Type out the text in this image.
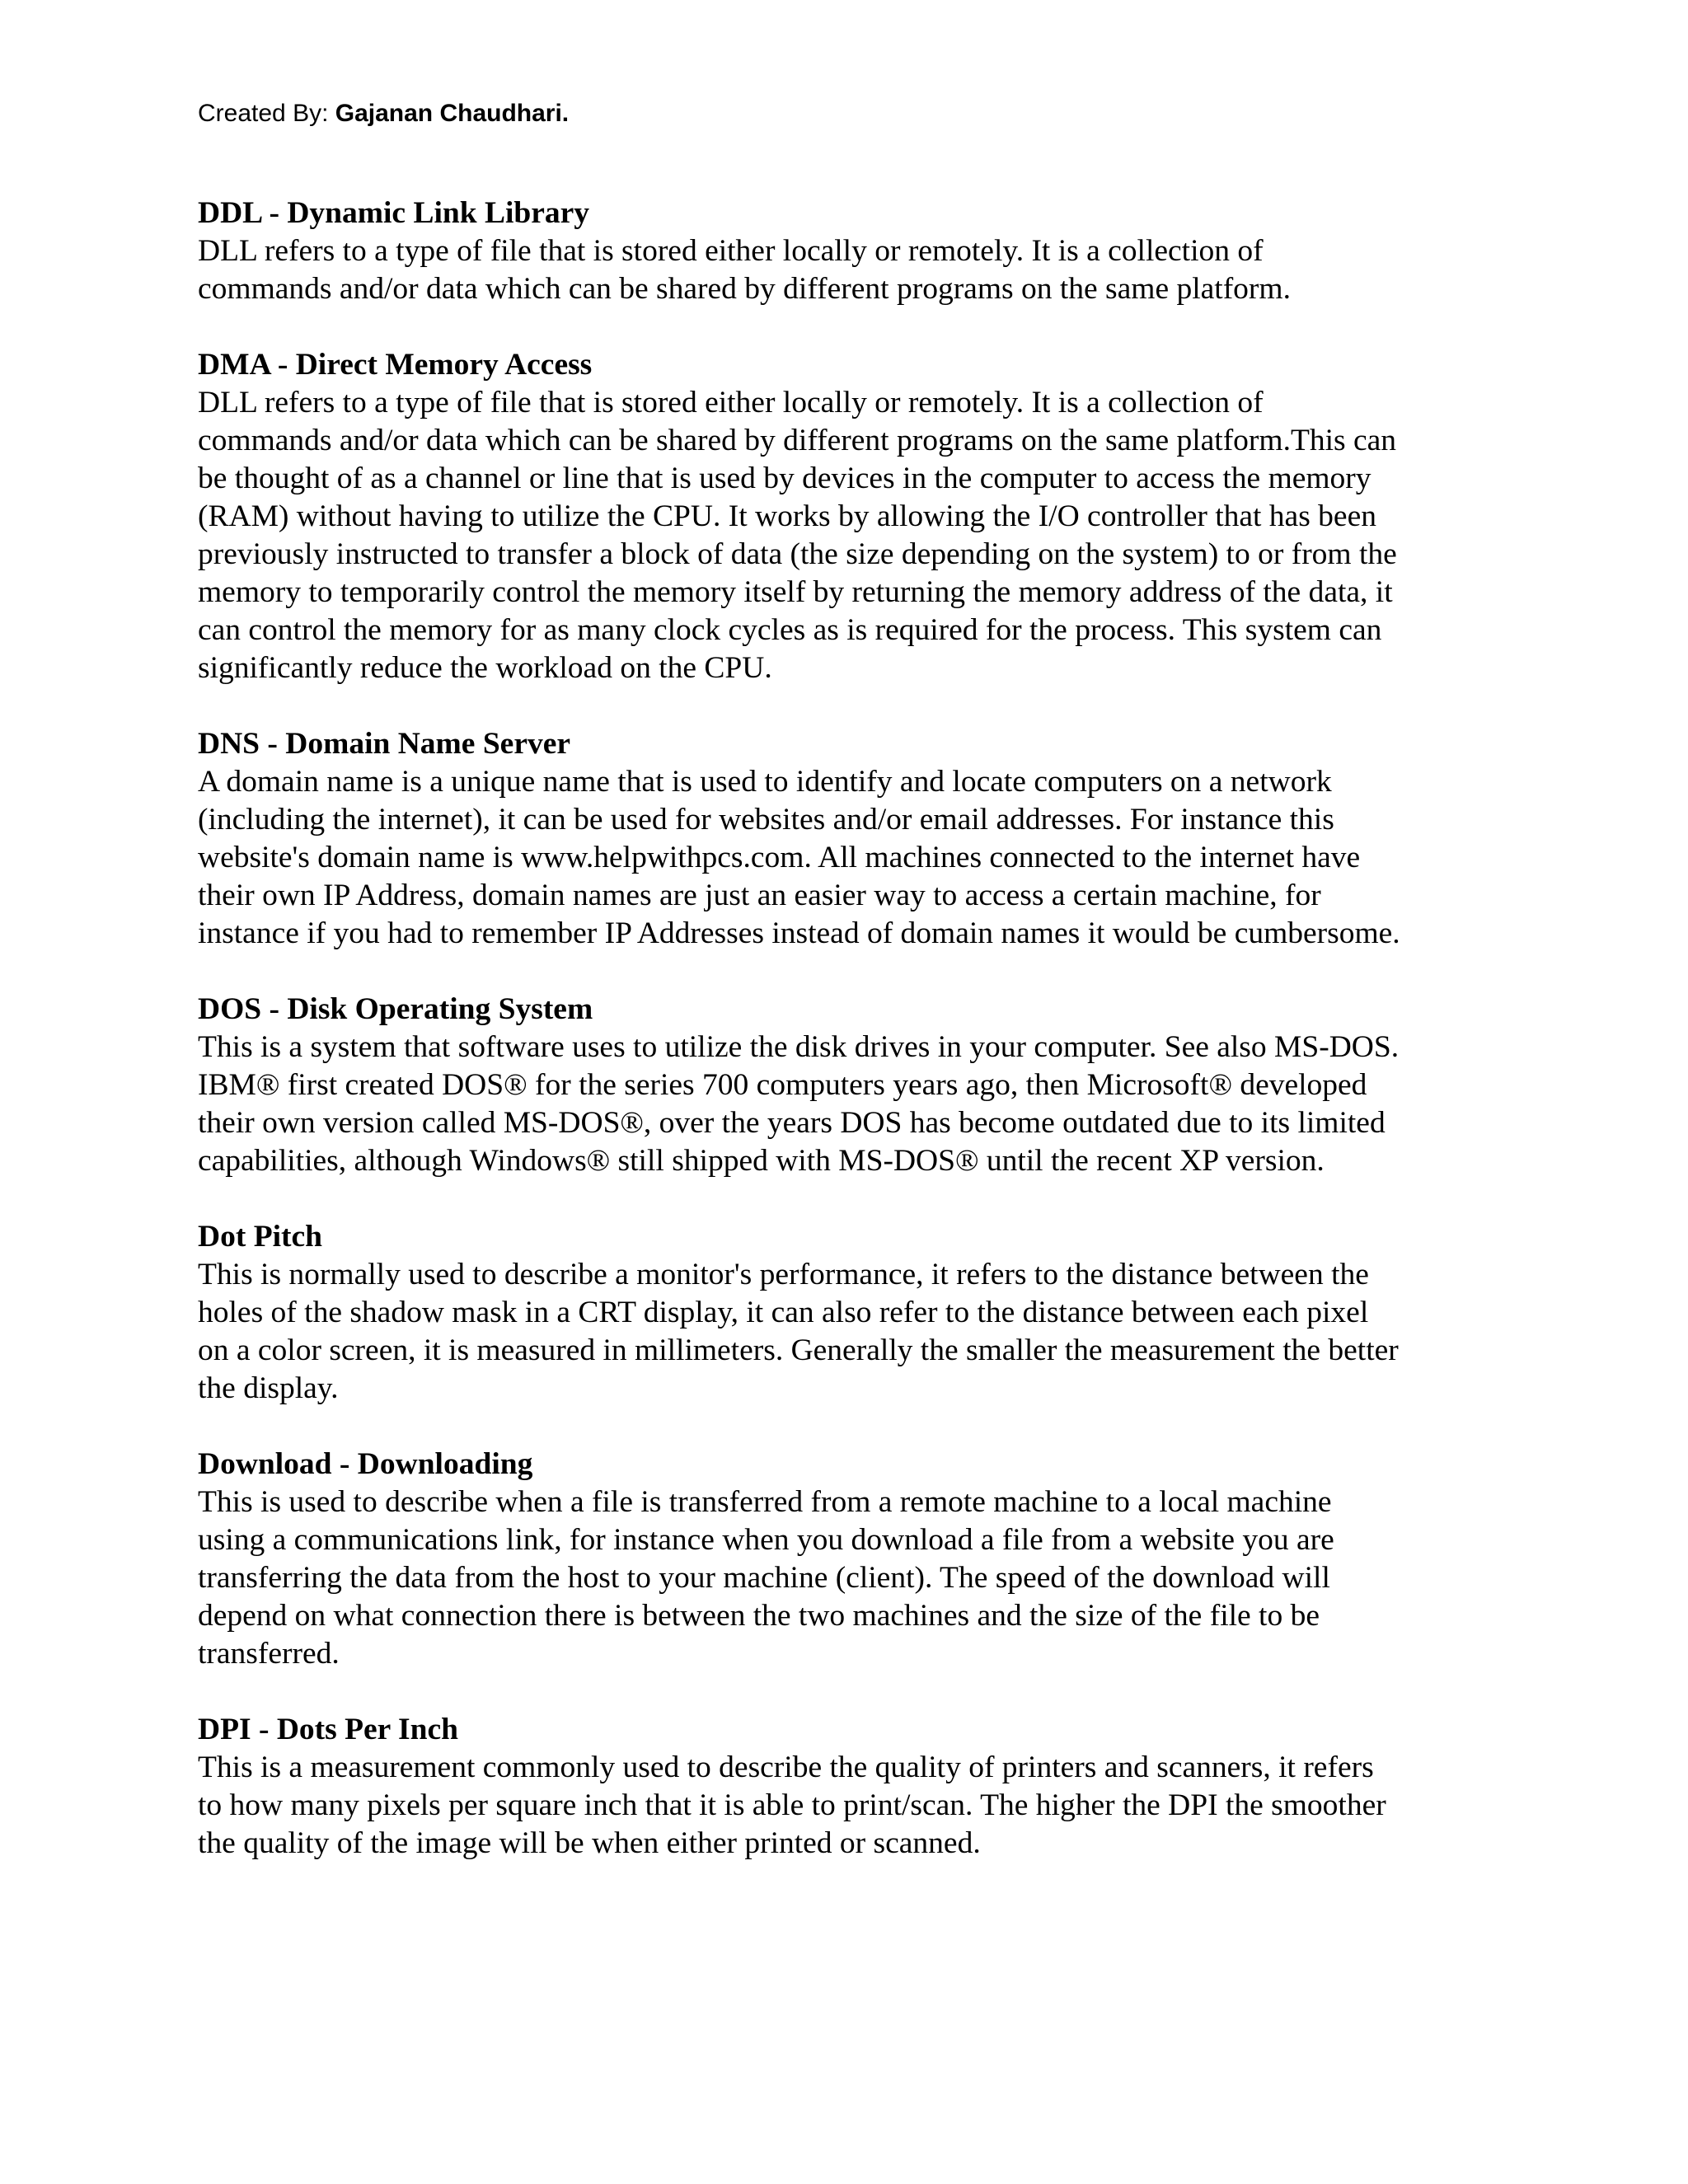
Created By: Gajanan Chaudhari.
DDL - Dynamic Link Library
DLL refers to a type of file that is stored either locally or remotely. It is a collection of
commands and/or data which can be shared by different programs on the same platform.
DMA - Direct Memory Access
DLL refers to a type of file that is stored either locally or remotely. It is a collection of
commands and/or data which can be shared by different programs on the same platform.This can
be thought of as a channel or line that is used by devices in the computer to access the memory
(RAM) without having to utilize the CPU. It works by allowing the I/O controller that has been
previously instructed to transfer a block of data (the size depending on the system) to or from the
memory to temporarily control the memory itself by returning the memory address of the data, it
can control the memory for as many clock cycles as is required for the process. This system can
significantly reduce the workload on the CPU.
DNS - Domain Name Server
A domain name is a unique name that is used to identify and locate computers on a network
(including the internet), it can be used for websites and/or email addresses. For instance this
website's domain name is www.helpwithpcs.com. All machines connected to the internet have
their own IP Address, domain names are just an easier way to access a certain machine, for
instance if you had to remember IP Addresses instead of domain names it would be cumbersome.
DOS - Disk Operating System
This is a system that software uses to utilize the disk drives in your computer. See also MS-DOS.
IBM® first created DOS® for the series 700 computers years ago, then Microsoft® developed
their own version called MS-DOS®, over the years DOS has become outdated due to its limited
capabilities, although Windows® still shipped with MS-DOS® until the recent XP version.
Dot Pitch
This is normally used to describe a monitor's performance, it refers to the distance between the
holes of the shadow mask in a CRT display, it can also refer to the distance between each pixel
on a color screen, it is measured in millimeters. Generally the smaller the measurement the better
the display.
Download - Downloading
This is used to describe when a file is transferred from a remote machine to a local machine
using a communications link, for instance when you download a file from a website you are
transferring the data from the host to your machine (client). The speed of the download will
depend on what connection there is between the two machines and the size of the file to be
transferred.
DPI - Dots Per Inch
This is a measurement commonly used to describe the quality of printers and scanners, it refers
to how many pixels per square inch that it is able to print/scan. The higher the DPI the smoother
the quality of the image will be when either printed or scanned.
